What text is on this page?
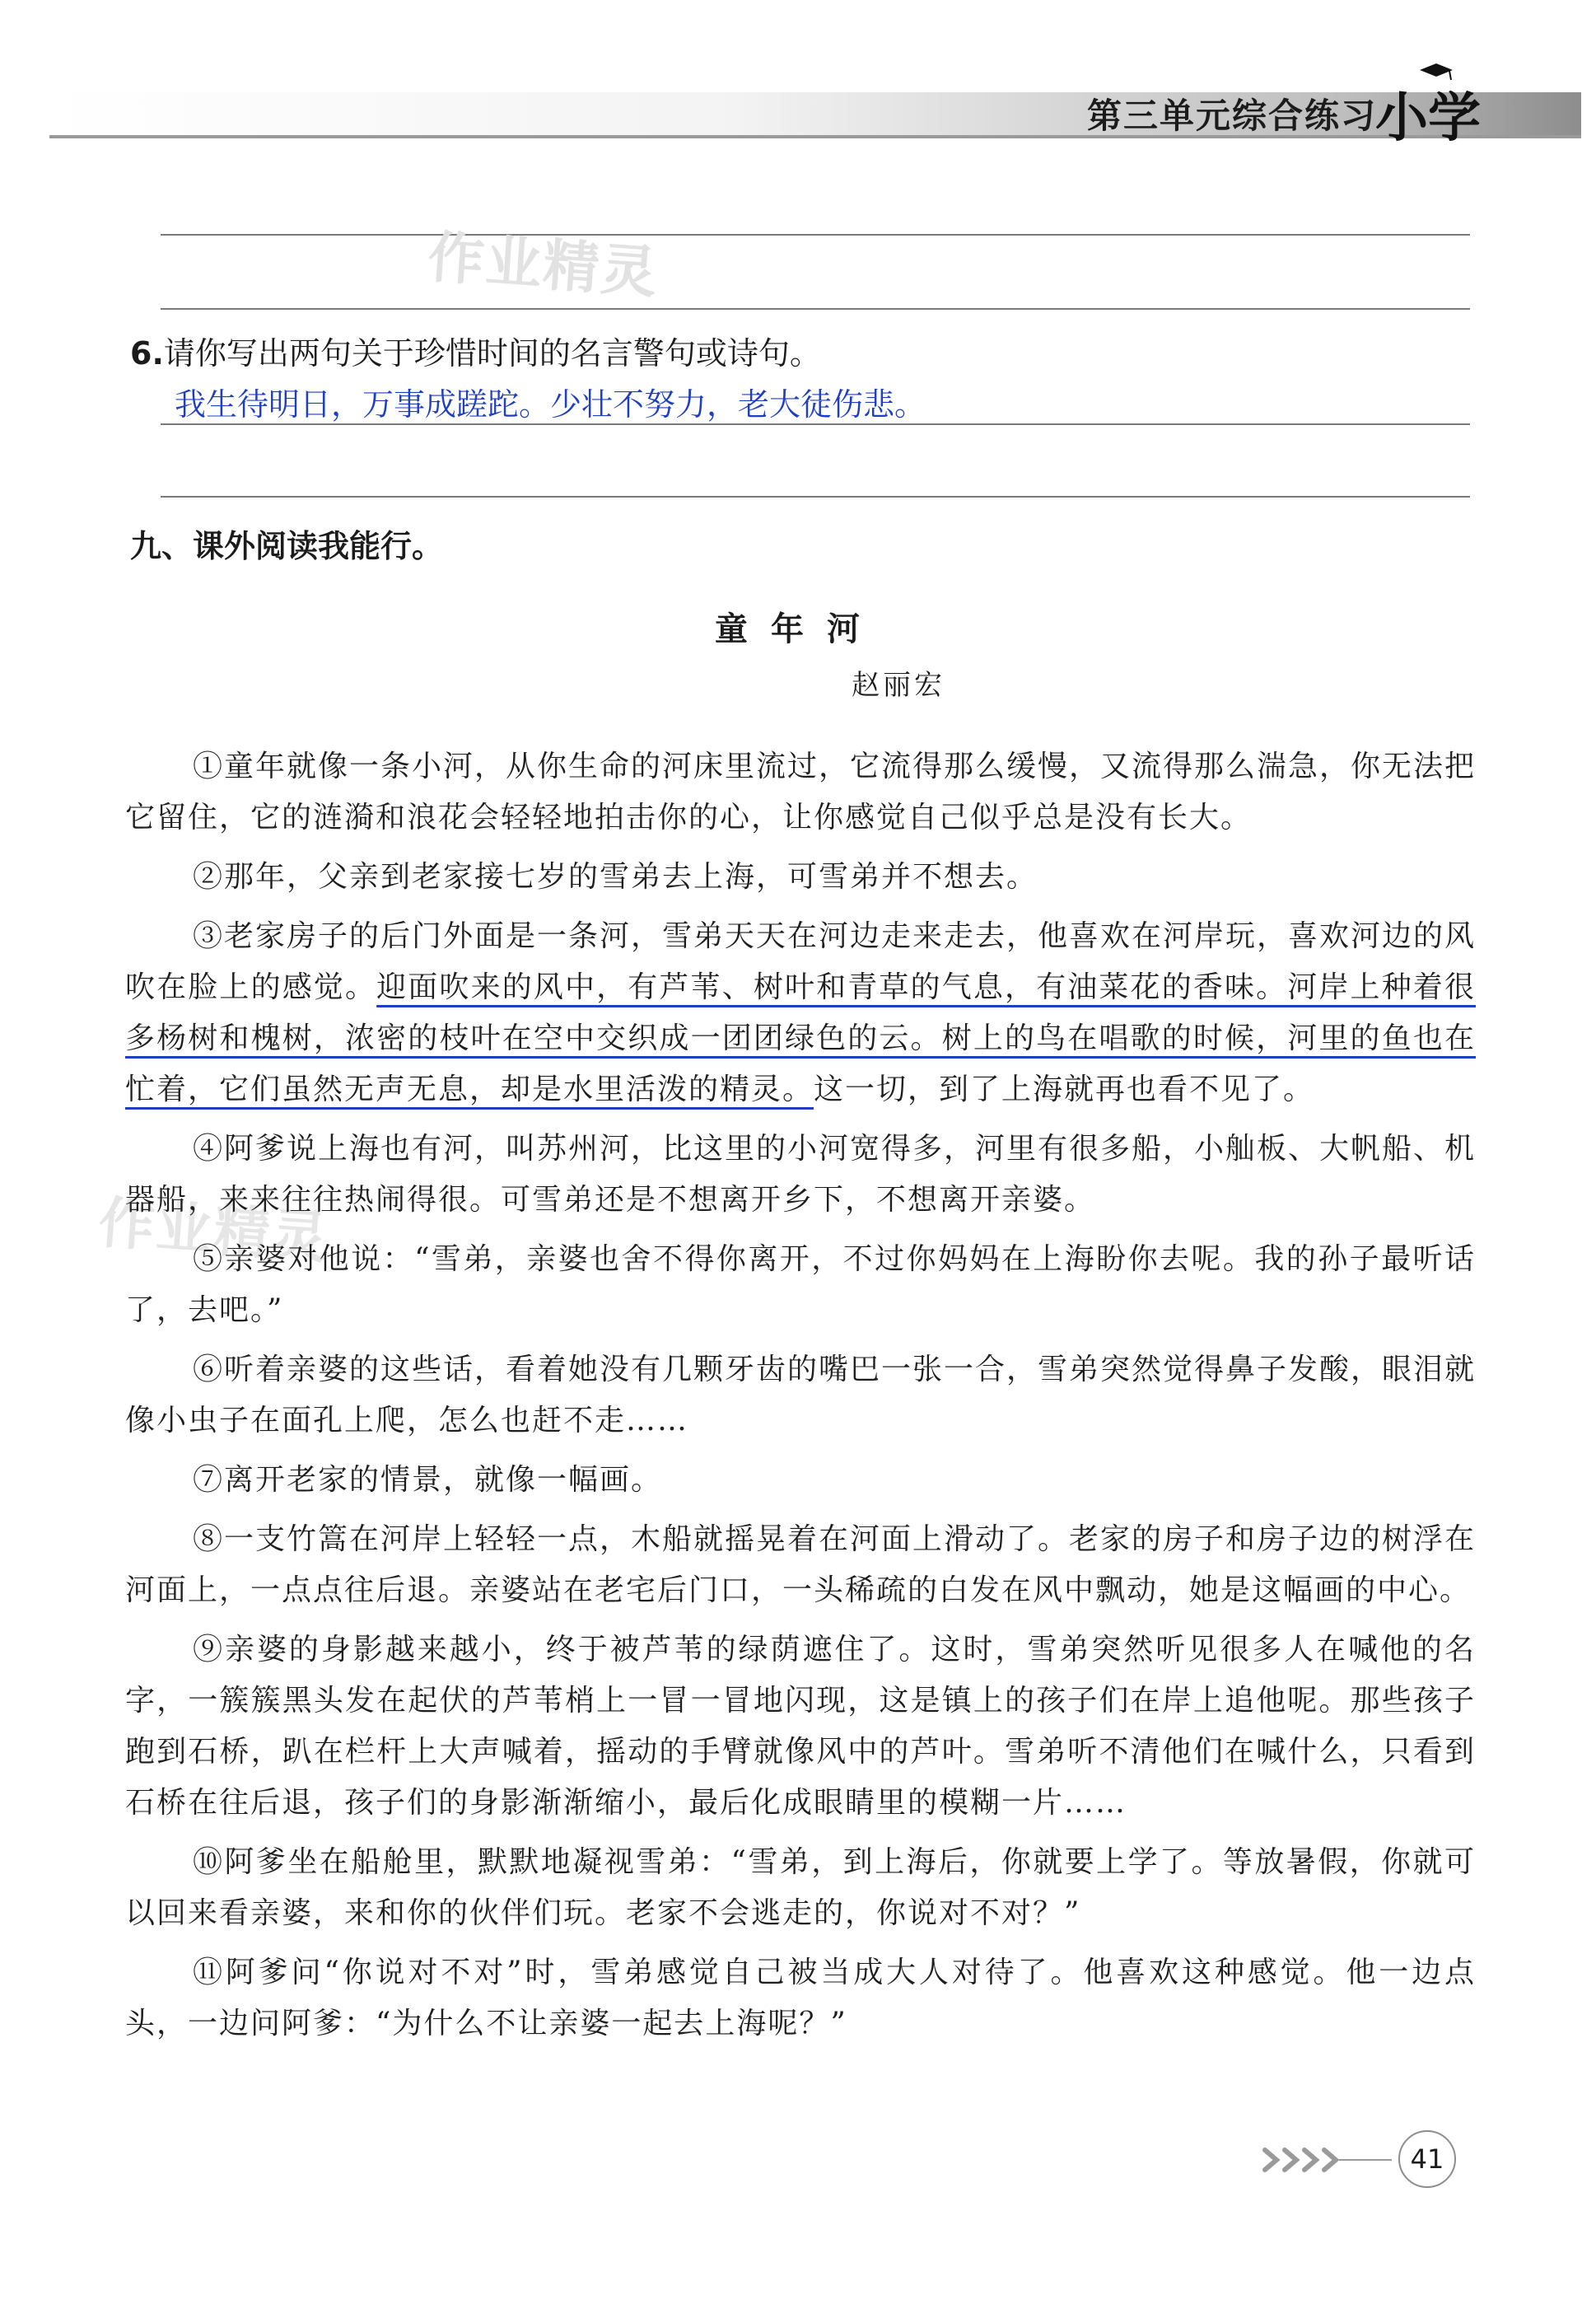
第三单元综合练习
小学
作业精灵
6.请你写出两句关于珍惜时间的名言警句或诗句。
我生待明日，万事成蹉跎。少壮不努力，老大徒伤悲。
九、课外阅读我能行。
童年河
赵丽宏
作业精灵

①童年就像一条小河，从你生命的河床里流过，它流得那么缓慢，又流得那么湍急，你无法把它留住，它的涟漪和浪花会轻轻地拍击你的心，让你感觉自己似乎总是没有长大。

②那年，父亲到老家接七岁的雪弟去上海，可雪弟并不想去。

③老家房子的后门外面是一条河，雪弟天天在河边走来走去，他喜欢在河岸玩，喜欢河边的风吹在脸上的感觉。迎面吹来的风中，有芦苇、树叶和青草的气息，有油菜花的香味。河岸上种着很多杨树和槐树，浓密的枝叶在空中交织成一团团绿色的云。树上的鸟在唱歌的时候，河里的鱼也在忙着，它们虽然无声无息，却是水里活泼的精灵。这一切，到了上海就再也看不见了。

④阿爹说上海也有河，叫苏州河，比这里的小河宽得多，河里有很多船，小舢板、大帆船、机器船，来来往往热闹得很。可雪弟还是不想离开乡下，不想离开亲婆。

⑤亲婆对他说：“雪弟，亲婆也舍不得你离开，不过你妈妈在上海盼你去呢。我的孙子最听话了，去吧。”

⑥听着亲婆的这些话，看着她没有几颗牙齿的嘴巴一张一合，雪弟突然觉得鼻子发酸，眼泪就像小虫子在面孔上爬，怎么也赶不走……

⑦离开老家的情景，就像一幅画。

⑧一支竹篙在河岸上轻轻一点，木船就摇晃着在河面上滑动了。老家的房子和房子边的树浮在河面上，一点点往后退。亲婆站在老宅后门口，一头稀疏的白发在风中飘动，她是这幅画的中心。

⑨亲婆的身影越来越小，终于被芦苇的绿荫遮住了。这时，雪弟突然听见很多人在喊他的名字，一簇簇黑头发在起伏的芦苇梢上一冒一冒地闪现，这是镇上的孩子们在岸上追他呢。那些孩子跑到石桥，趴在栏杆上大声喊着，摇动的手臂就像风中的芦叶。雪弟听不清他们在喊什么，只看到石桥在往后退，孩子们的身影渐渐缩小，最后化成眼睛里的模糊一片……

⑩阿爹坐在船舱里，默默地凝视雪弟：“雪弟，到上海后，你就要上学了。等放暑假，你就可以回来看亲婆，来和你的伙伴们玩。老家不会逃走的，你说对不对？”

⑪阿爹问“你说对不对”时，雪弟感觉自己被当成大人对待了。他喜欢这种感觉。他一边点头，一边问阿爹：“为什么不让亲婆一起去上海呢？”

41
